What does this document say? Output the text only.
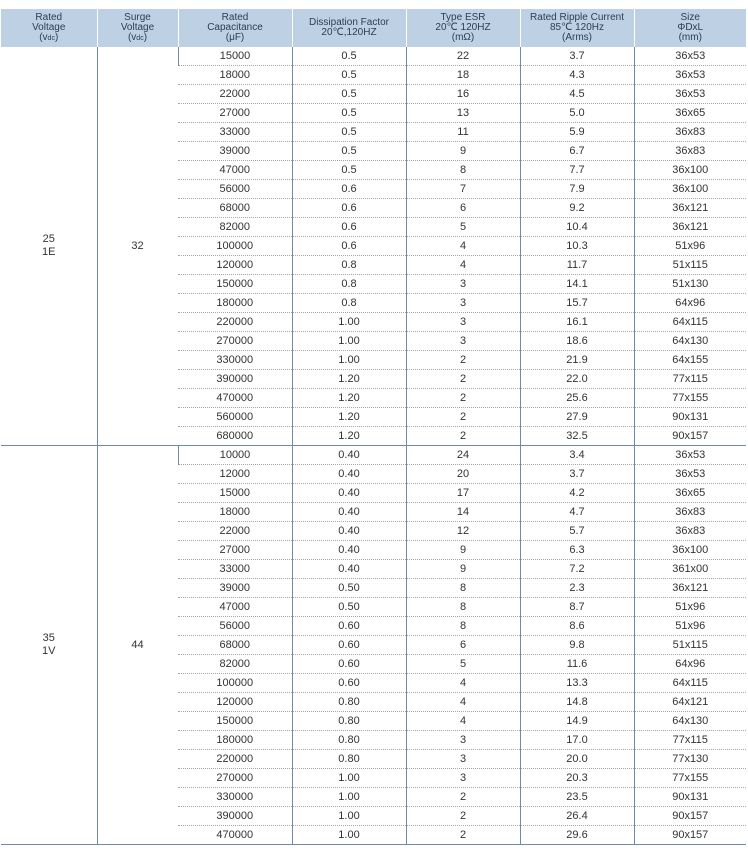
Rated
Voltage
(vdc)	Surge
Voltage
(vdc)	Rated
Capacitance
(μF)	Dissipation Factor
20℃,120HZ	Type ESR
20℃ 120HZ
(mΩ)	Rated Ripple Current
85℃ 120Hz
(Arms)	Size
ΦDxL
(mm)

25
1E	32	15000	0.5	22	3.7	36x53
		18000	0.5	18	4.3	36x53
		22000	0.5	16	4.5	36x53
		27000	0.5	13	5.0	36x65
		33000	0.5	11	5.9	36x83
		39000	0.5	9	6.7	36x83
		47000	0.5	8	7.7	36x100
		56000	0.6	7	7.9	36x100
		68000	0.6	6	9.2	36x121
		82000	0.6	5	10.4	36x121
		100000	0.6	4	10.3	51x96
		120000	0.8	4	11.7	51x115
		150000	0.8	3	14.1	51x130
		180000	0.8	3	15.7	64x96
		220000	1.00	3	16.1	64x115
		270000	1.00	3	18.6	64x130
		330000	1.00	2	21.9	64x155
		390000	1.20	2	22.0	77x115
		470000	1.20	2	25.6	77x155
		560000	1.20	2	27.9	90x131
		680000	1.20	2	32.5	90x157

35
1V	44	10000	0.40	24	3.4	36x53
		12000	0.40	20	3.7	36x53
		15000	0.40	17	4.2	36x65
		18000	0.40	14	4.7	36x83
		22000	0.40	12	5.7	36x83
		27000	0.40	9	6.3	36x100
		33000	0.40	9	7.2	361x00
		39000	0.50	8	2.3	36x121
		47000	0.50	8	8.7	51x96
		56000	0.60	8	8.6	51x96
		68000	0.60	6	9.8	51x115
		82000	0.60	5	11.6	64x96
		100000	0.60	4	13.3	64x115
		120000	0.80	4	14.8	64x121
		150000	0.80	4	14.9	64x130
		180000	0.80	3	17.0	77x115
		220000	0.80	3	20.0	77x130
		270000	1.00	3	20.3	77x155
		330000	1.00	2	23.5	90x131
		390000	1.00	2	26.4	90x157
		470000	1.00	2	29.6	90x157
